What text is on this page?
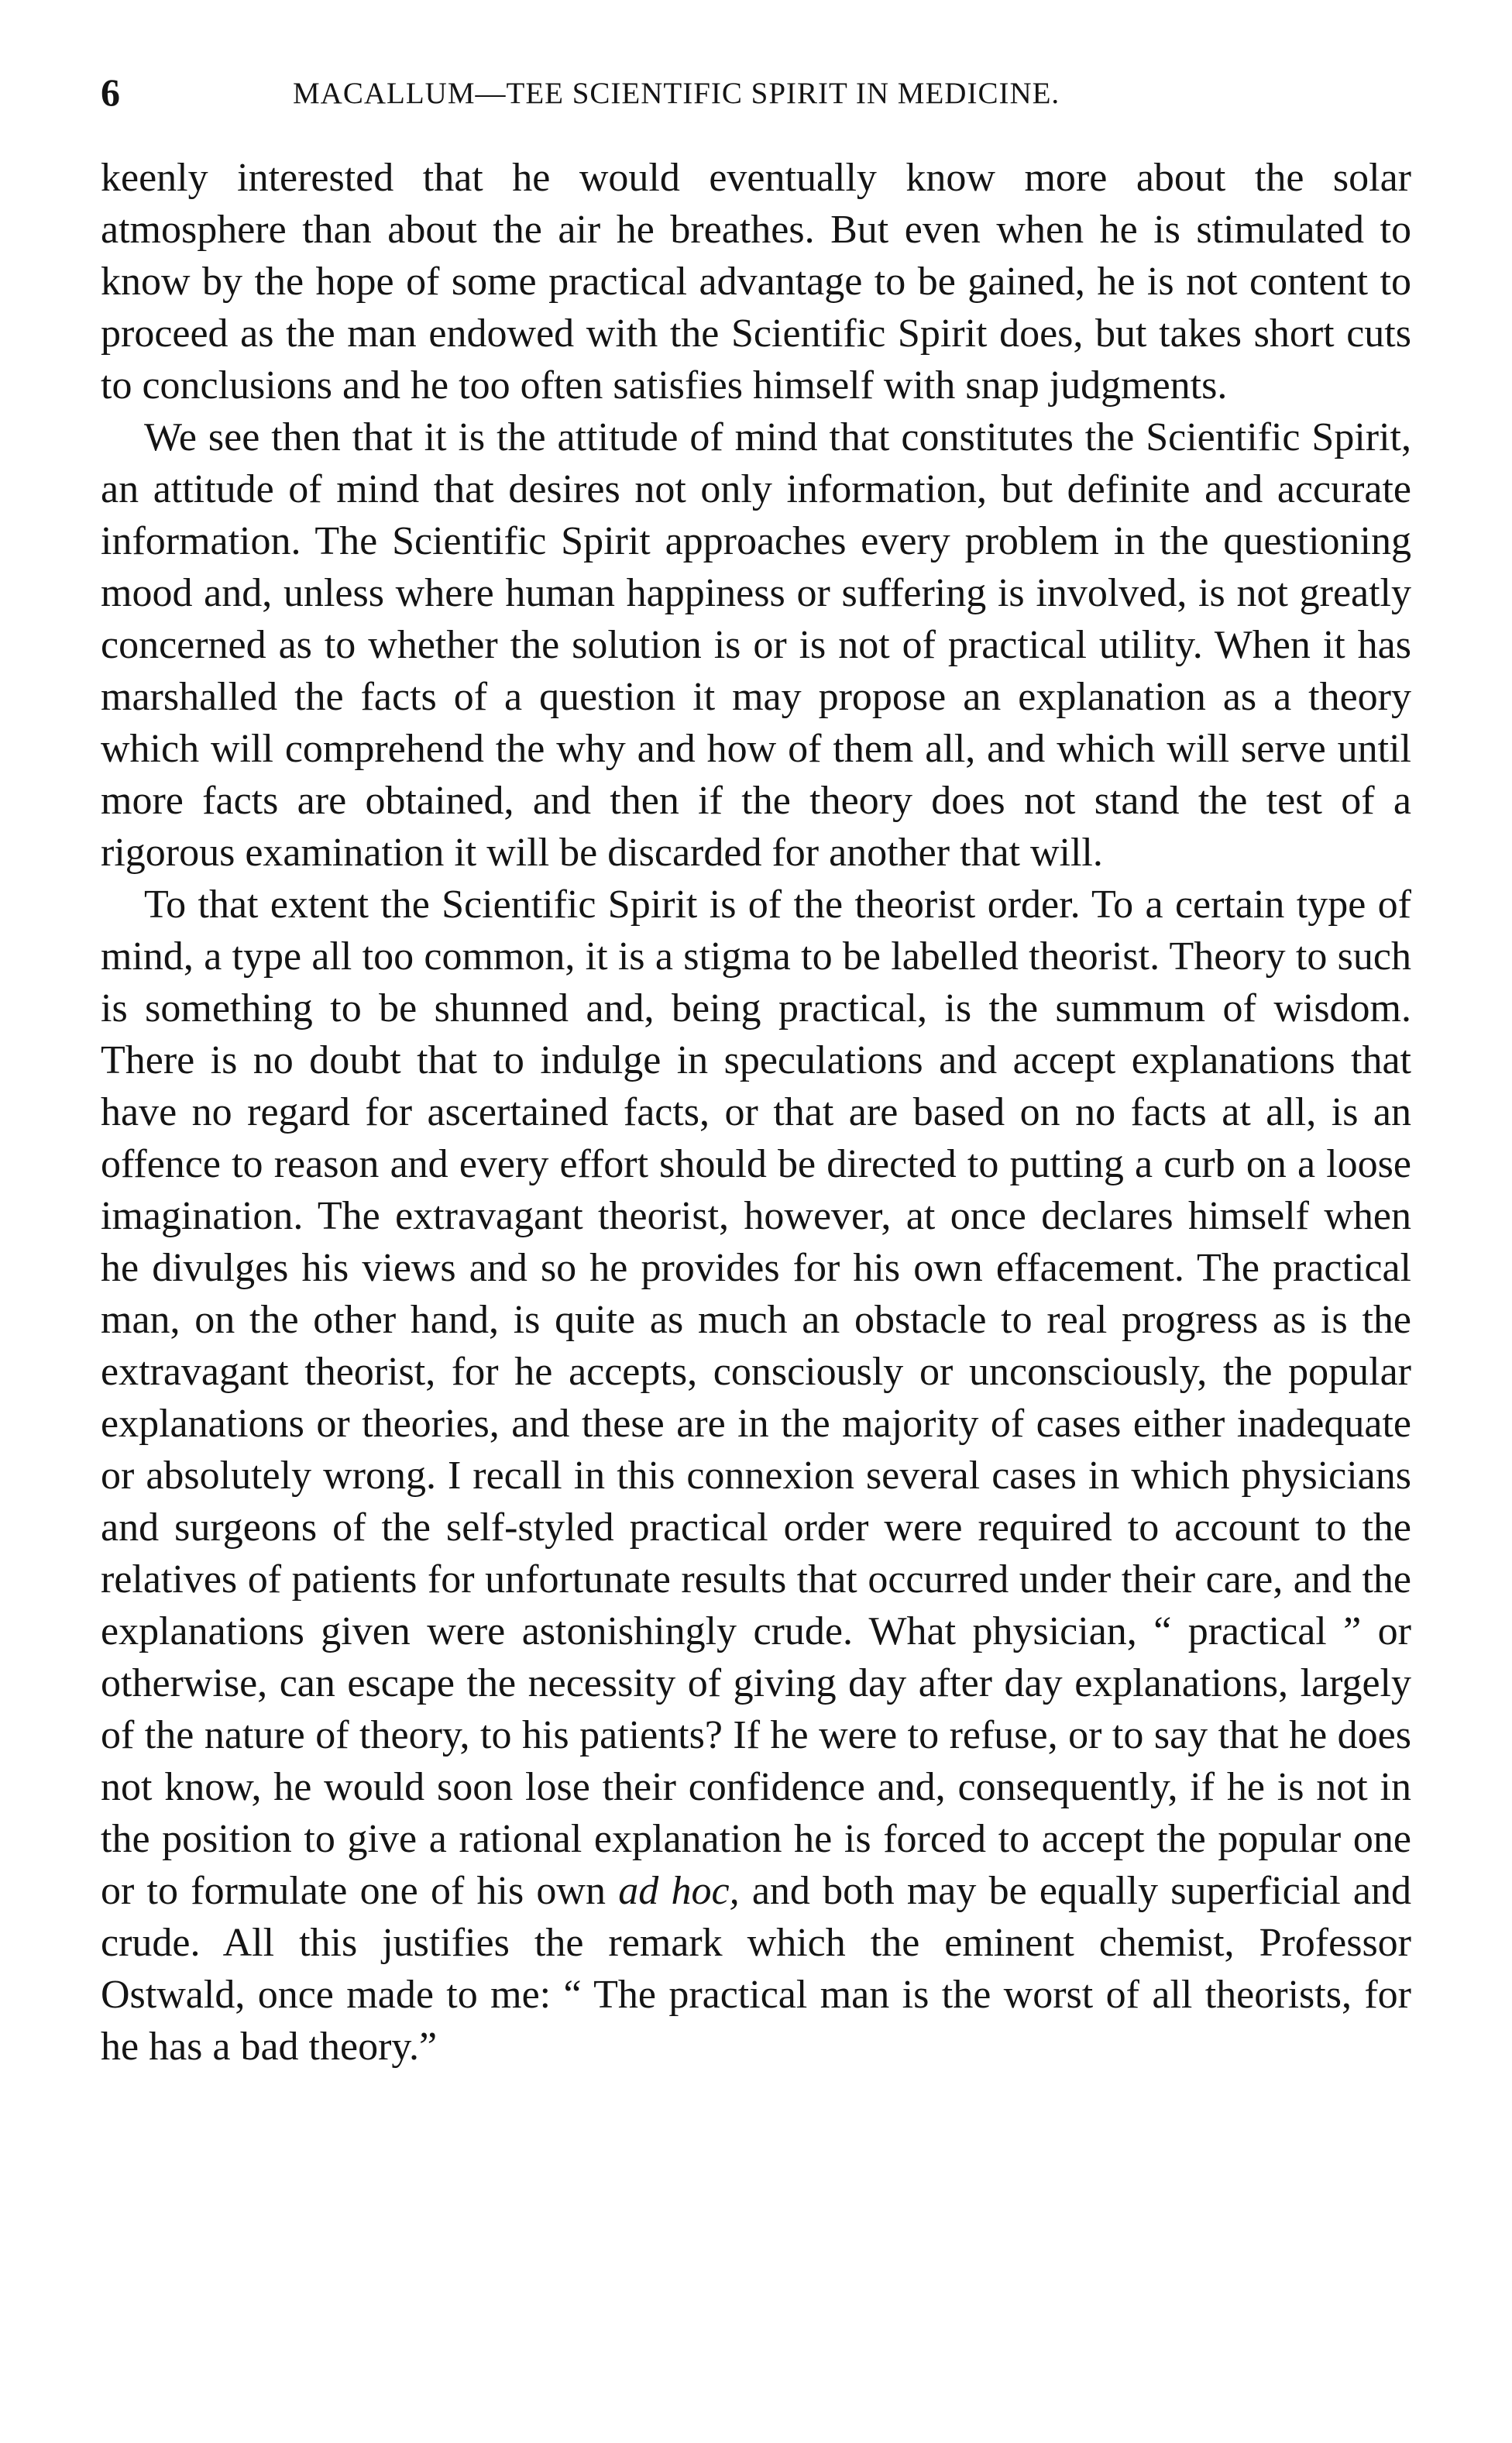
6	MACALLUM—TEE SCIENTIFIC SPIRIT IN MEDICINE.

keenly interested that he would eventually know more about the solar atmosphere than about the air he breathes. But even when he is stimulated to know by the hope of some practical advantage to be gained, he is not content to proceed as the man endowed with the Scientific Spirit does, but takes short cuts to conclusions and he too often satisfies himself with snap judgments.

We see then that it is the attitude of mind that constitutes the Scientific Spirit, an attitude of mind that desires not only information, but definite and accurate information. The Scientific Spirit approaches every problem in the questioning mood and, unless where human happiness or suffering is involved, is not greatly concerned as to whether the solution is or is not of practical utility. When it has marshalled the facts of a question it may propose an explanation as a theory which will comprehend the why and how of them all, and which will serve until more facts are obtained, and then if the theory does not stand the test of a rigorous examination it will be discarded for another that will.

To that extent the Scientific Spirit is of the theorist order. To a certain type of mind, a type all too common, it is a stigma to be labelled theorist. Theory to such is something to be shunned and, being practical, is the summum of wisdom. There is no doubt that to indulge in speculations and accept explanations that have no regard for ascertained facts, or that are based on no facts at all, is an offence to reason and every effort should be directed to putting a curb on a loose imagination. The extravagant theorist, however, at once declares himself when he divulges his views and so he provides for his own effacement. The practical man, on the other hand, is quite as much an obstacle to real progress as is the extravagant theorist, for he accepts, consciously or unconsciously, the popular explanations or theories, and these are in the majority of cases either inadequate or absolutely wrong. I recall in this connexion several cases in which physicians and surgeons of the self-styled practical order were required to account to the relatives of patients for unfortunate results that occurred under their care, and the explanations given were astonishingly crude. What physician, “ practical ” or otherwise, can escape the necessity of giving day after day explanations, largely of the nature of theory, to his patients? If he were to refuse, or to say that he does not know, he would soon lose their confidence and, consequently, if he is not in the position to give a rational explanation he is forced to accept the popular one or to formulate one of his own ad hoc, and both may be equally superficial and crude. All this justifies the remark which the eminent chemist, Professor Ostwald, once made to me: “ The practical man is the worst of all theorists, for he has a bad theory.”
